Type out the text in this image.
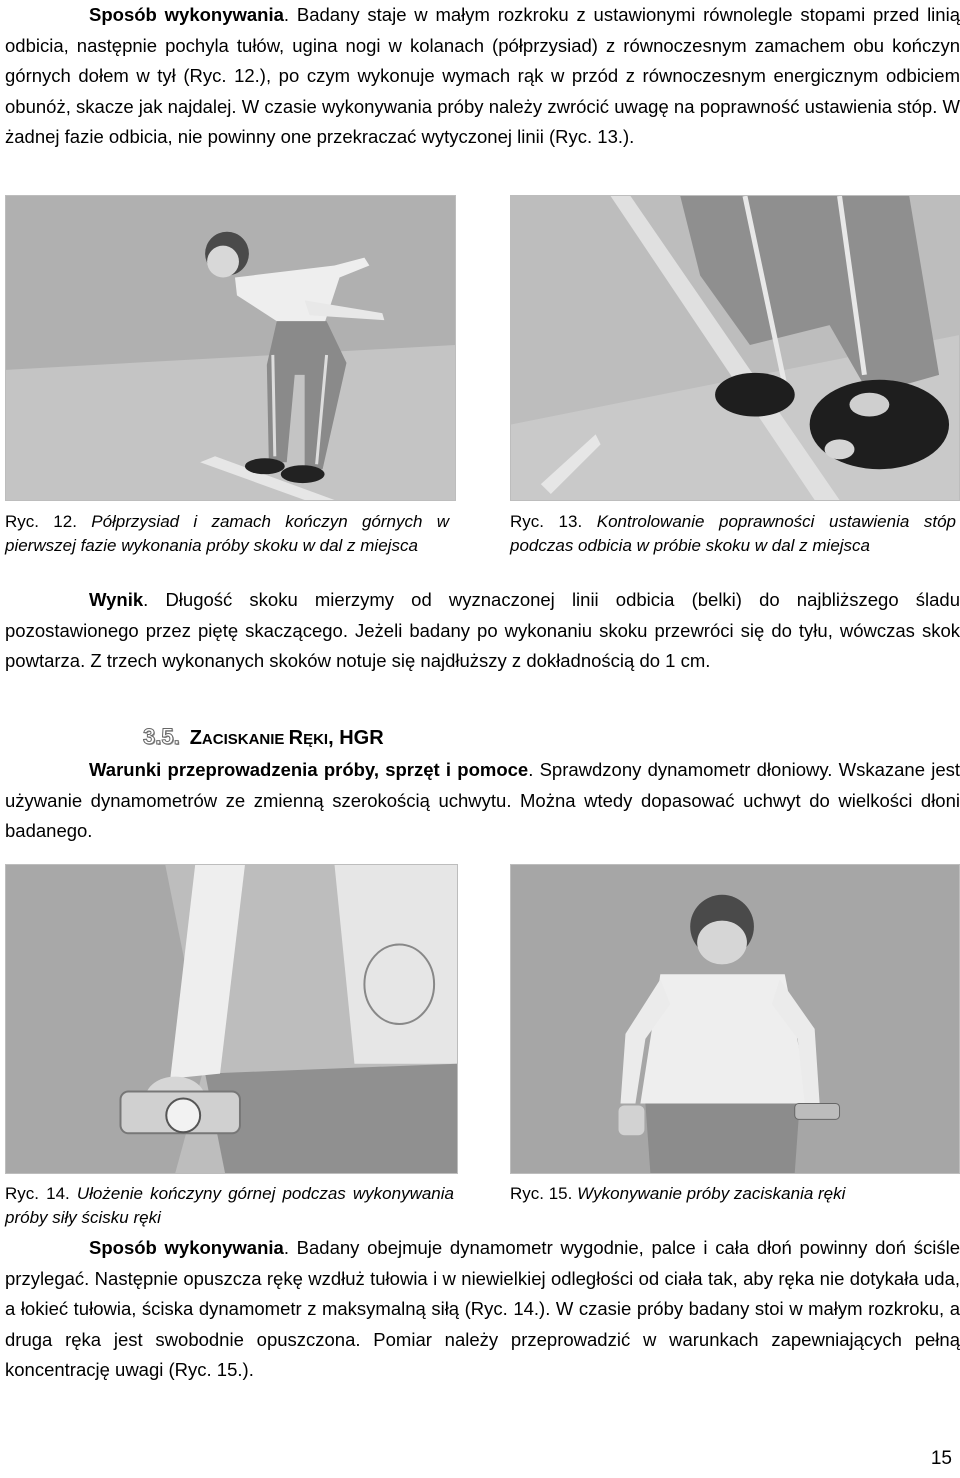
Sposób wykonywania. Badany staje w małym rozkroku z ustawionymi równolegle stopami przed linią odbicia, następnie pochyla tułów, ugina nogi w kolanach (półprzysiad) z równoczesnym zamachem obu kończyn górnych dołem w tył (Ryc. 12.), po czym wykonuje wymach rąk w przód z równoczesnym energicznym odbiciem obunóż, skacze jak najdalej. W czasie wykonywania próby należy zwrócić uwagę na poprawność ustawienia stóp. W żadnej fazie odbicia, nie powinny one przekraczać wytyczonej linii (Ryc. 13.).

Ryc. 12. Półprzysiad i zamach kończyn górnych w pierwszej fazie wykonania próby skoku w dal z miejsca

Ryc. 13. Kontrolowanie poprawności ustawienia stóp podczas odbicia w próbie skoku w dal z miejsca

Wynik. Długość skoku mierzymy od wyznaczonej linii odbicia (belki) do najbliższego śladu pozostawionego przez piętę skaczącego. Jeżeli badany po wykonaniu skoku przewróci się do tyłu, wówczas skok powtarza. Z trzech wykonanych skoków notuje się najdłuższy z dokładnością do 1 cm.

3.5. ZACISKANIE RĘKI, HGR

Warunki przeprowadzenia próby, sprzęt i pomoce. Sprawdzony dynamometr dłoniowy. Wskazane jest używanie dynamometrów ze zmienną szerokością uchwytu. Można wtedy dopasować uchwyt do wielkości dłoni badanego.

Ryc. 14. Ułożenie kończyny górnej podczas wykonywania próby siły ścisku ręki

Ryc. 15. Wykonywanie próby zaciskania ręki

Sposób wykonywania. Badany obejmuje dynamometr wygodnie, palce i cała dłoń powinny doń ściśle przylegać. Następnie opuszcza rękę wzdłuż tułowia i w niewielkiej odległości od ciała tak, aby ręka nie dotykała uda, a łokieć tułowia, ściska dynamometr z maksymalną siłą (Ryc. 14.). W czasie próby badany stoi w małym rozkroku, a druga ręka jest swobodnie opuszczona. Pomiar należy przeprowadzić w warunkach zapewniających pełną koncentrację uwagi (Ryc. 15.).

15
